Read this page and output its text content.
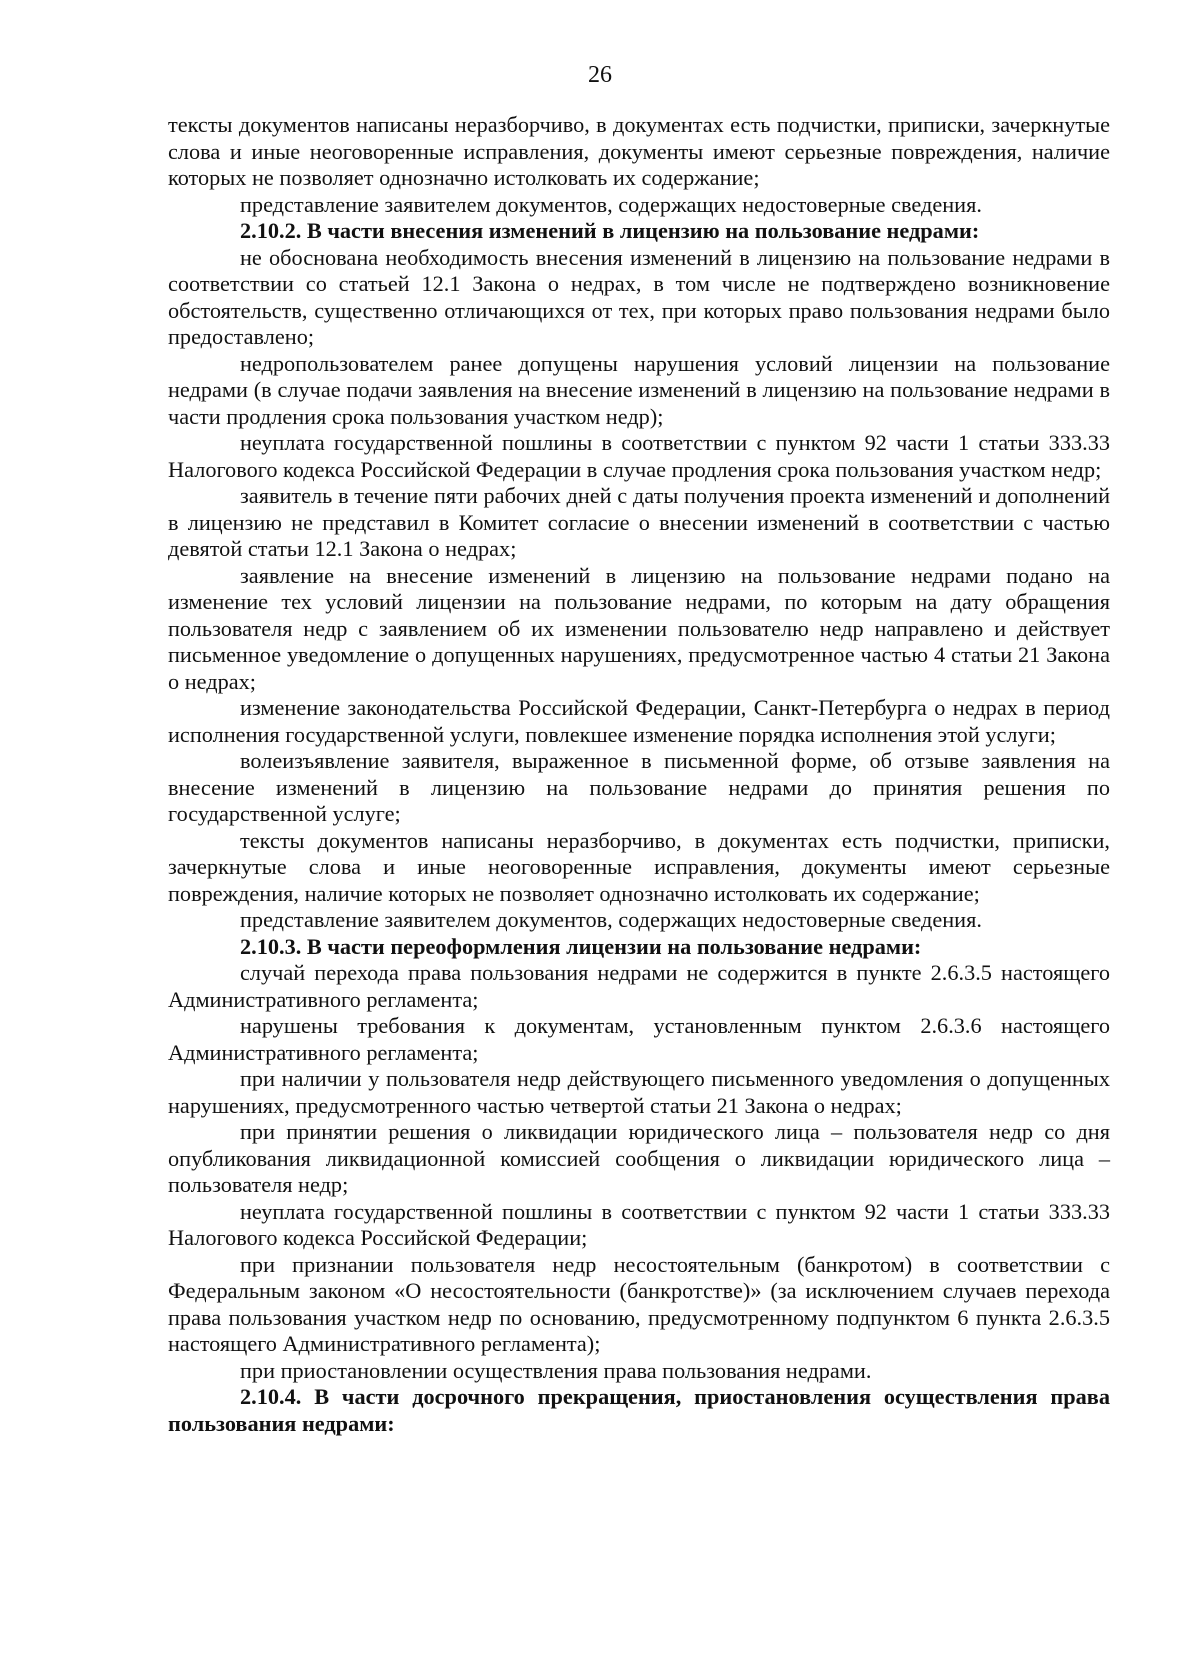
26

тексты документов написаны неразборчиво, в документах есть подчистки, приписки, зачеркнутые слова и иные неоговоренные исправления, документы имеют серьезные повреждения, наличие которых не позволяет однозначно истолковать их содержание;

представление заявителем документов, содержащих недостоверные сведения.

2.10.2. В части внесения изменений в лицензию на пользование недрами:

не обоснована необходимость внесения изменений в лицензию на пользование недрами в соответствии со статьей 12.1 Закона о недрах, в том числе не подтверждено возникновение обстоятельств, существенно отличающихся от тех, при которых право пользования недрами было предоставлено;

недропользователем ранее допущены нарушения условий лицензии на пользование недрами (в случае подачи заявления на внесение изменений в лицензию на пользование недрами в части продления срока пользования участком недр);

неуплата государственной пошлины в соответствии с пунктом 92 части 1 статьи 333.33 Налогового кодекса Российской Федерации в случае продления срока пользования участком недр;

заявитель в течение пяти рабочих дней с даты получения проекта изменений и дополнений в лицензию не представил в Комитет согласие о внесении изменений в соответствии с частью девятой статьи 12.1 Закона о недрах;

заявление на внесение изменений в лицензию на пользование недрами подано на изменение тех условий лицензии на пользование недрами, по которым на дату обращения пользователя недр с заявлением об их изменении пользователю недр направлено и действует письменное уведомление о допущенных нарушениях, предусмотренное частью 4 статьи 21 Закона о недрах;

изменение законодательства Российской Федерации, Санкт-Петербурга о недрах в период исполнения государственной услуги, повлекшее изменение порядка исполнения этой услуги;

волеизъявление заявителя, выраженное в письменной форме, об отзыве заявления на внесение изменений в лицензию на пользование недрами до принятия решения по государственной услуге;

тексты документов написаны неразборчиво, в документах есть подчистки, приписки, зачеркнутые слова и иные неоговоренные исправления, документы имеют серьезные повреждения, наличие которых не позволяет однозначно истолковать их содержание;

представление заявителем документов, содержащих недостоверные сведения.

2.10.3. В части переоформления лицензии на пользование недрами:

случай перехода права пользования недрами не содержится в пункте 2.6.3.5 настоящего Административного регламента;

нарушены требования к документам, установленным пунктом 2.6.3.6 настоящего Административного регламента;

при наличии у пользователя недр действующего письменного уведомления о допущенных нарушениях, предусмотренного частью четвертой статьи 21 Закона о недрах;

при принятии решения о ликвидации юридического лица – пользователя недр со дня опубликования ликвидационной комиссией сообщения о ликвидации юридического лица – пользователя недр;

неуплата государственной пошлины в соответствии с пунктом 92 части 1 статьи 333.33 Налогового кодекса Российской Федерации;

при признании пользователя недр несостоятельным (банкротом) в соответствии с Федеральным законом «О несостоятельности (банкротстве)» (за исключением случаев перехода права пользования участком недр по основанию, предусмотренному подпунктом 6 пункта 2.6.3.5 настоящего Административного регламента);

при приостановлении осуществления права пользования недрами.

2.10.4. В части досрочного прекращения, приостановления осуществления права пользования недрами:
